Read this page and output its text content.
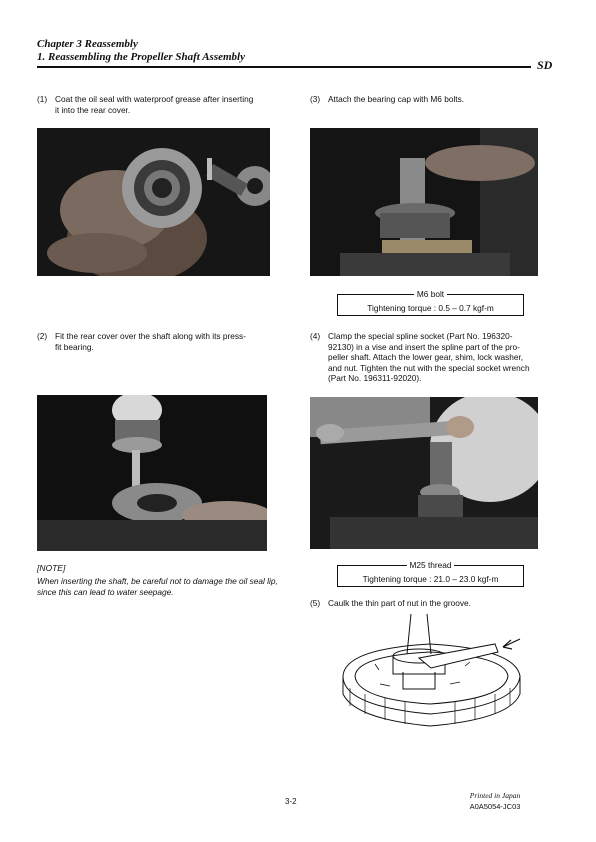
Chapter 3 Reassembly
1. Reassembling the Propeller Shaft Assembly
SD
(1) Coat the oil seal with waterproof grease after inserting
it into the rear cover.
(3) Attach the bearing cap with M6 bolts.
M6 bolt
Tightening torque : 0.5 – 0.7 kgf-m
(2) Fit the rear cover over the shaft along with its press-
fit bearing.
[NOTE]
When inserting the shaft, be careful not to damage the oil seal lip, since this can lead to water seepage.
(4) Clamp the special spline socket (Part No. 196320-
92130) in a vise and insert the spline part of the pro-
peller shaft. Attach the lower gear, shim, lock washer,
and nut. Tighten the nut with the special socket wrench
(Part No. 196311-92020).
M25 thread
Tightening torque : 21.0 – 23.0 kgf-m
(5) Caulk the thin part of nut in the groove.
3-2
Printed in Japan
A0A5054-JC03
